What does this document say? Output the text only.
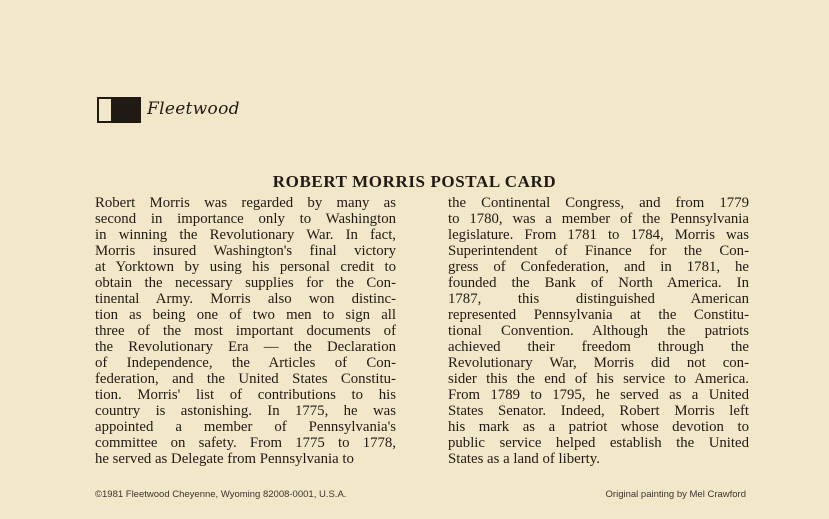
Fleetwood
ROBERT MORRIS POSTAL CARD
Robert Morris was regarded by many as
second in importance only to Washington
in winning the Revolutionary War. In fact,
Morris insured Washington's final victory
at Yorktown by using his personal credit to
obtain the necessary supplies for the Con-
tinental Army. Morris also won distinc-
tion as being one of two men to sign all
three of the most important documents of
the Revolutionary Era — the Declaration
of Independence, the Articles of Con-
federation, and the United States Constitu-
tion. Morris' list of contributions to his
country is astonishing. In 1775, he was
appointed a member of Pennsylvania's
committee on safety. From 1775 to 1778,
he served as Delegate from Pennsylvania to
the Continental Congress, and from 1779
to 1780, was a member of the Pennsylvania
legislature. From 1781 to 1784, Morris was
Superintendent of Finance for the Con-
gress of Confederation, and in 1781, he
founded the Bank of North America. In
1787, this distinguished American
represented Pennsylvania at the Constitu-
tional Convention. Although the patriots
achieved their freedom through the
Revolutionary War, Morris did not con-
sider this the end of his service to America.
From 1789 to 1795, he served as a United
States Senator. Indeed, Robert Morris left
his mark as a patriot whose devotion to
public service helped establish the United
States as a land of liberty.
©1981 Fleetwood Cheyenne, Wyoming 82008-0001, U.S.A.	Original painting by Mel Crawford
